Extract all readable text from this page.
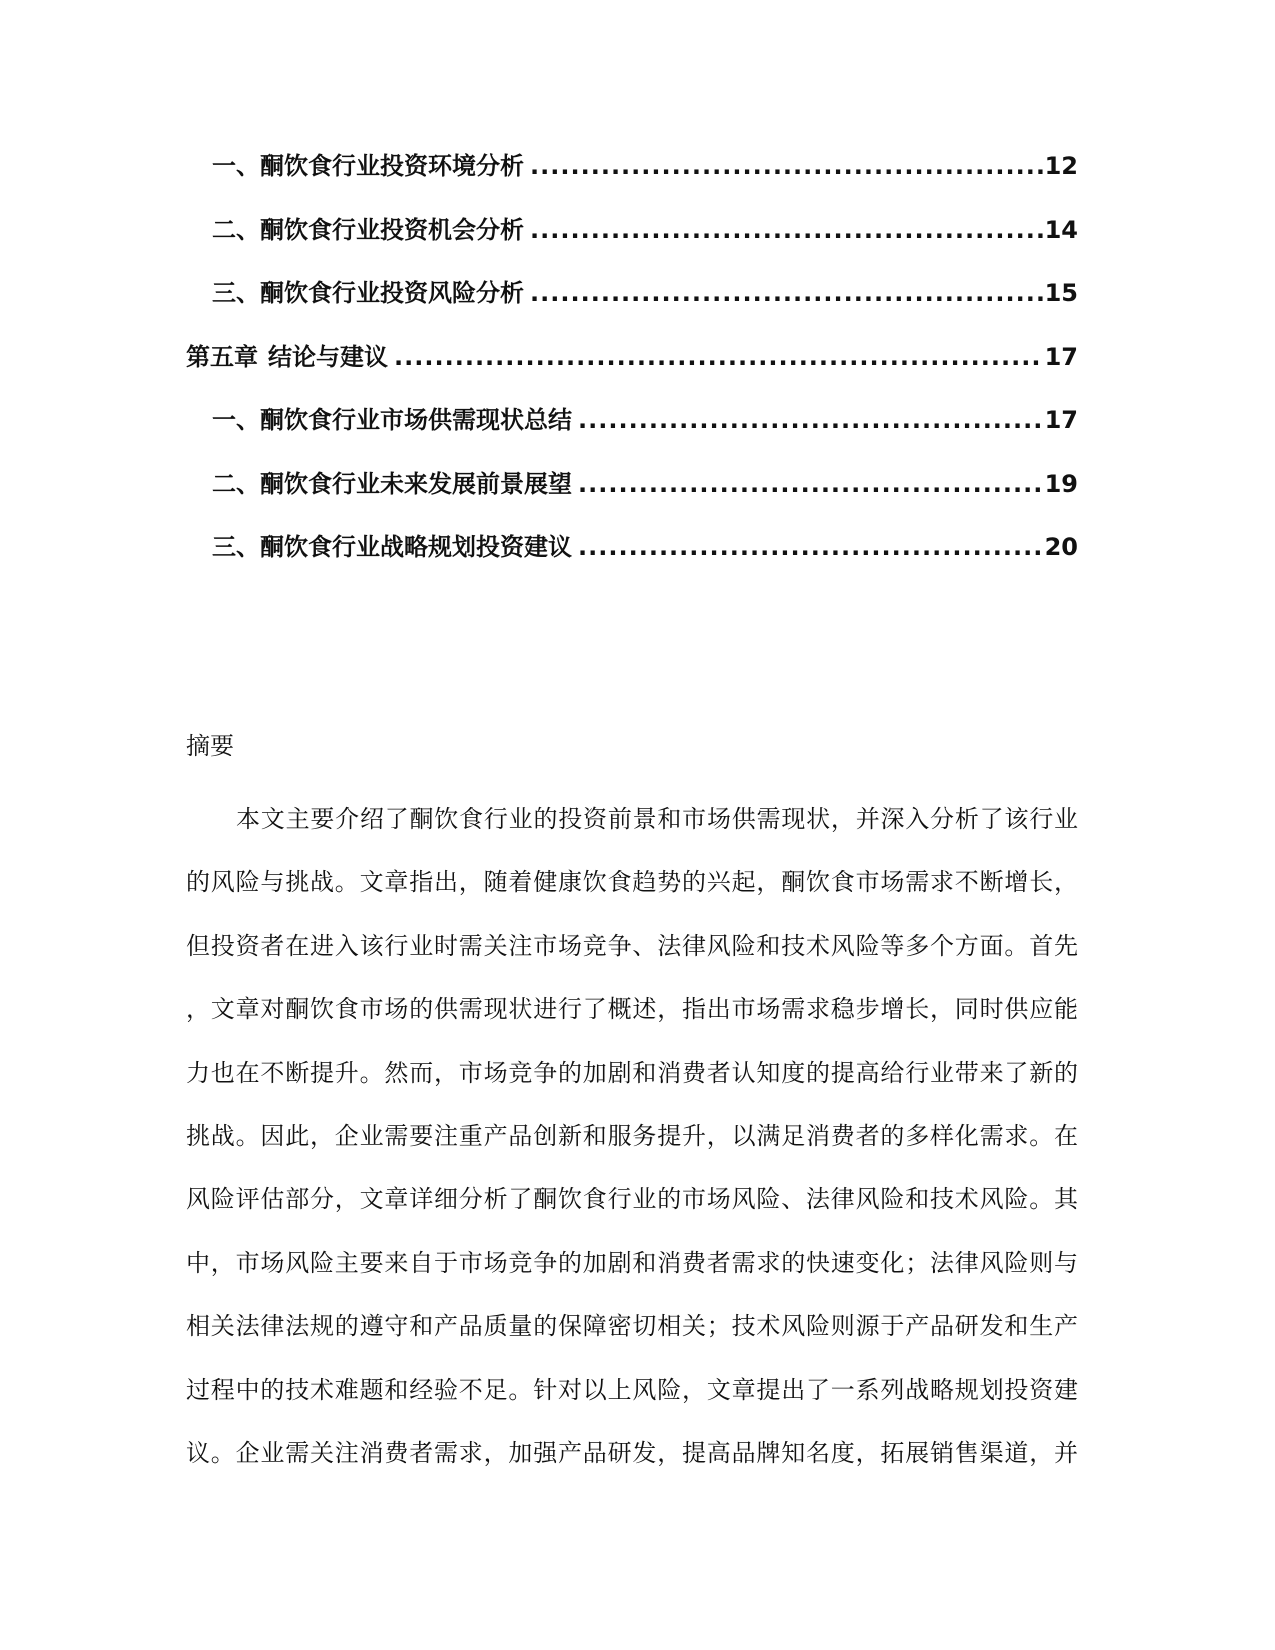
一、 酮饮食行业投资环境分析 .....	12
二、 酮饮食行业投资机会分析 .....	14
三、 酮饮食行业投资风险分析 .....	15
第五章 结论与建议 .....	17
一、 酮饮食行业市场供需现状总结 .....	17
二、 酮饮食行业未来发展前景展望 .....	19
三、 酮饮食行业战略规划投资建议 .....	20
摘要
本文主要介绍了酮饮食行业的投资前景和市场供需现状，并深入分析了该行业
的风险与挑战。文章指出，随着健康饮食趋势的兴起，酮饮食市场需求不断增长，
但投资者在进入该行业时需关注市场竞争、法律风险和技术风险等多个方面。首先
，文章对酮饮食市场的供需现状进行了概述，指出市场需求稳步增长，同时供应能
力也在不断提升。然而，市场竞争的加剧和消费者认知度的提高给行业带来了新的
挑战。因此，企业需要注重产品创新和服务提升，以满足消费者的多样化需求。在
风险评估部分，文章详细分析了酮饮食行业的市场风险、法律风险和技术风险。其
中，市场风险主要来自于市场竞争的加剧和消费者需求的快速变化；法律风险则与
相关法律法规的遵守和产品质量的保障密切相关；技术风险则源于产品研发和生产
过程中的技术难题和经验不足。针对以上风险，文章提出了一系列战略规划投资建
议。企业需关注消费者需求，加强产品研发，提高品牌知名度，拓展销售渠道，并
